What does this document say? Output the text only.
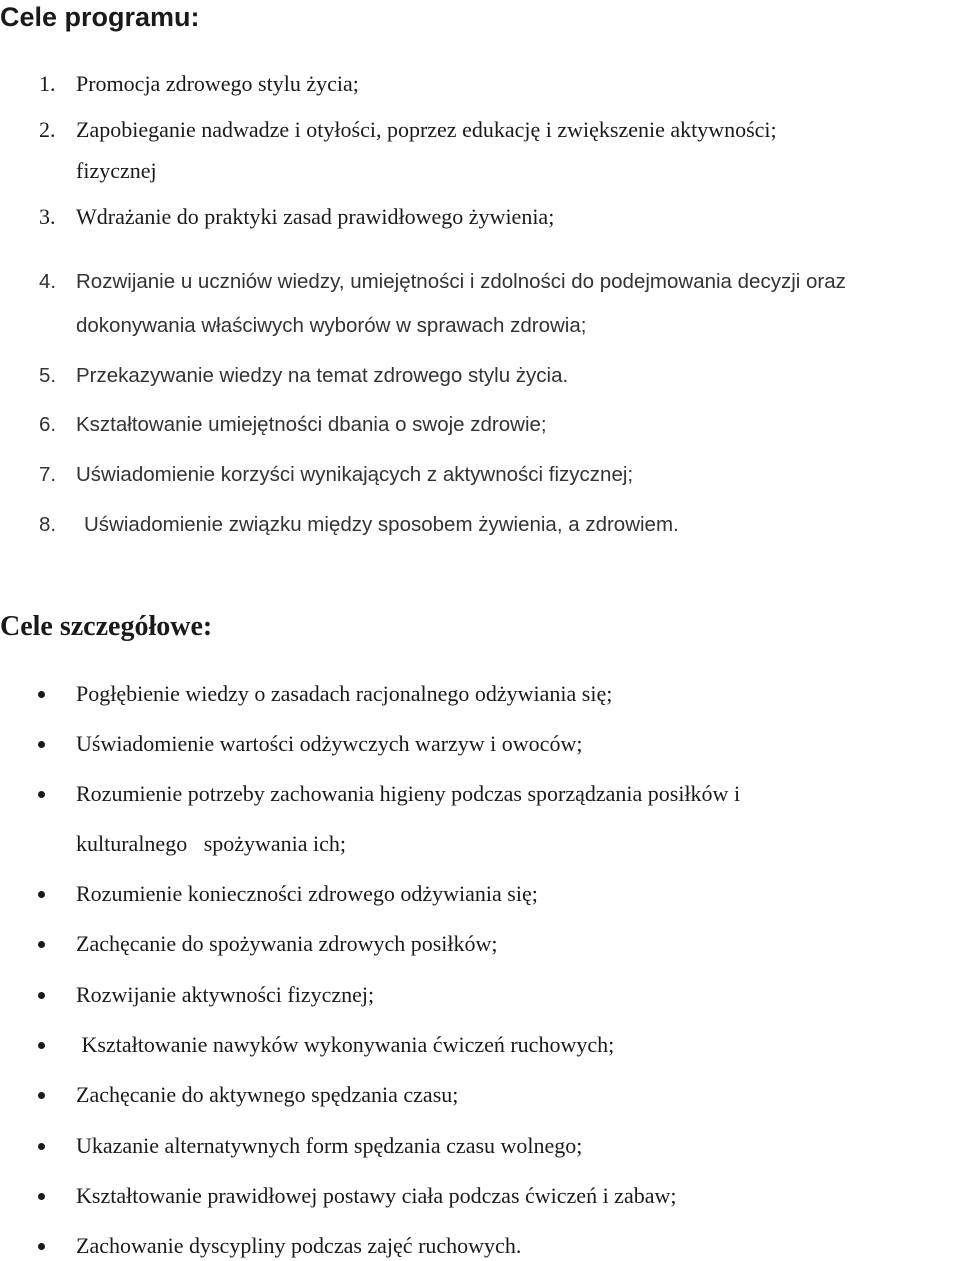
Cele programu:
1. Promocja zdrowego stylu życia;
2. Zapobieganie nadwadze i otyłości, poprzez edukację i zwiększenie aktywności;
fizycznej
3. Wdrażanie do praktyki zasad prawidłowego żywienia;
4. Rozwijanie u uczniów wiedzy, umiejętności i zdolności do podejmowania decyzji oraz
dokonywania właściwych wyborów w sprawach zdrowia;
5. Przekazywanie wiedzy na temat zdrowego stylu życia.
6. Kształtowanie umiejętności dbania o swoje zdrowie;
7. Uświadomienie korzyści wynikających z aktywności fizycznej;
8. Uświadomienie związku między sposobem żywienia, a zdrowiem.
Cele szczegółowe:
Pogłębienie wiedzy o zasadach racjonalnego odżywiania się;
Uświadomienie wartości odżywczych warzyw i owoców;
Rozumienie potrzeby zachowania higieny podczas sporządzania posiłków i
kulturalnego   spożywania ich;
Rozumienie konieczności zdrowego odżywiania się;
Zachęcanie do spożywania zdrowych posiłków;
Rozwijanie aktywności fizycznej;
Kształtowanie nawyków wykonywania ćwiczeń ruchowych;
Zachęcanie do aktywnego spędzania czasu;
Ukazanie alternatywnych form spędzania czasu wolnego;
Kształtowanie prawidłowej postawy ciała podczas ćwiczeń i zabaw;
Zachowanie dyscypliny podczas zajęć ruchowych.
